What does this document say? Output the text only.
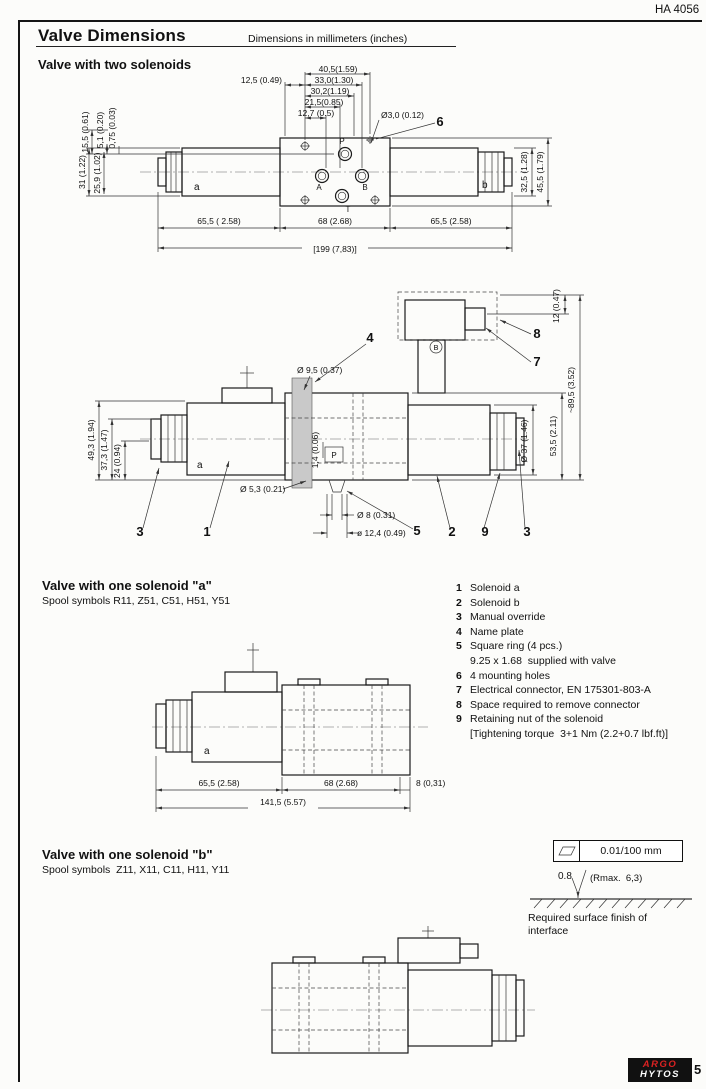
HA 4056
Valve Dimensions	Dimensions in millimeters (inches)
Valve with two solenoids
12,5 (0.49)
40,5(1.59)
33,0(1.30)
30,2(1.19)
21,5(0.85)
12,7 (0.5)	Ø3,0 (0.12) 6
15,5 (0.61) 5,1 (0.20) 0,75 (0.03)
31 (1.22) 25,9 (1.02)	32,5 (1.28) 45,5 (1.79)
65,5 ( 2.58)	68 (2.68)	65,5 (2.58)
[199 (7,83)]
P
A	B
T
a	b
Ø 9,5 (0.37)
12 (0.47)
~89,5 (3.52)
53,5 (2.11)
Ø 37 (1.46)
49,3 (1.94) 37,3 (1.47) 24 (0.94)	1,4 (0.06)
Ø 5,3 (0.21)
Ø 8 (0.31)
ø 12,4 (0.49)
a
P
B
4	8
7
3	1	5 2 9	3
1 Solenoid a
2 Solenoid b
3 Manual override
4 Name plate
5 Square ring (4 pcs.)
9.25 x 1.68  supplied with valve
6 4 mounting holes
7 Electrical connector, EN 175301-803-A
8 Space required to remove connector
9 Retaining nut of the solenoid
[Tightening torque  3+1 Nm (2.2+0.7 lbf.ft)]
Valve with one solenoid "a"
Spool symbols R11, Z51, C51, H51, Y51
65,5 (2.58)	68 (2.68)	8 (0,31)
141,5 (5.57)
a
Valve with one solenoid "b"
Spool symbols  Z11, X11, C11, H11, Y11
0.01/100 mm
0.8 (Rmax.  6,3)
Required surface finish of interface
ARGO
HYTOS	5
